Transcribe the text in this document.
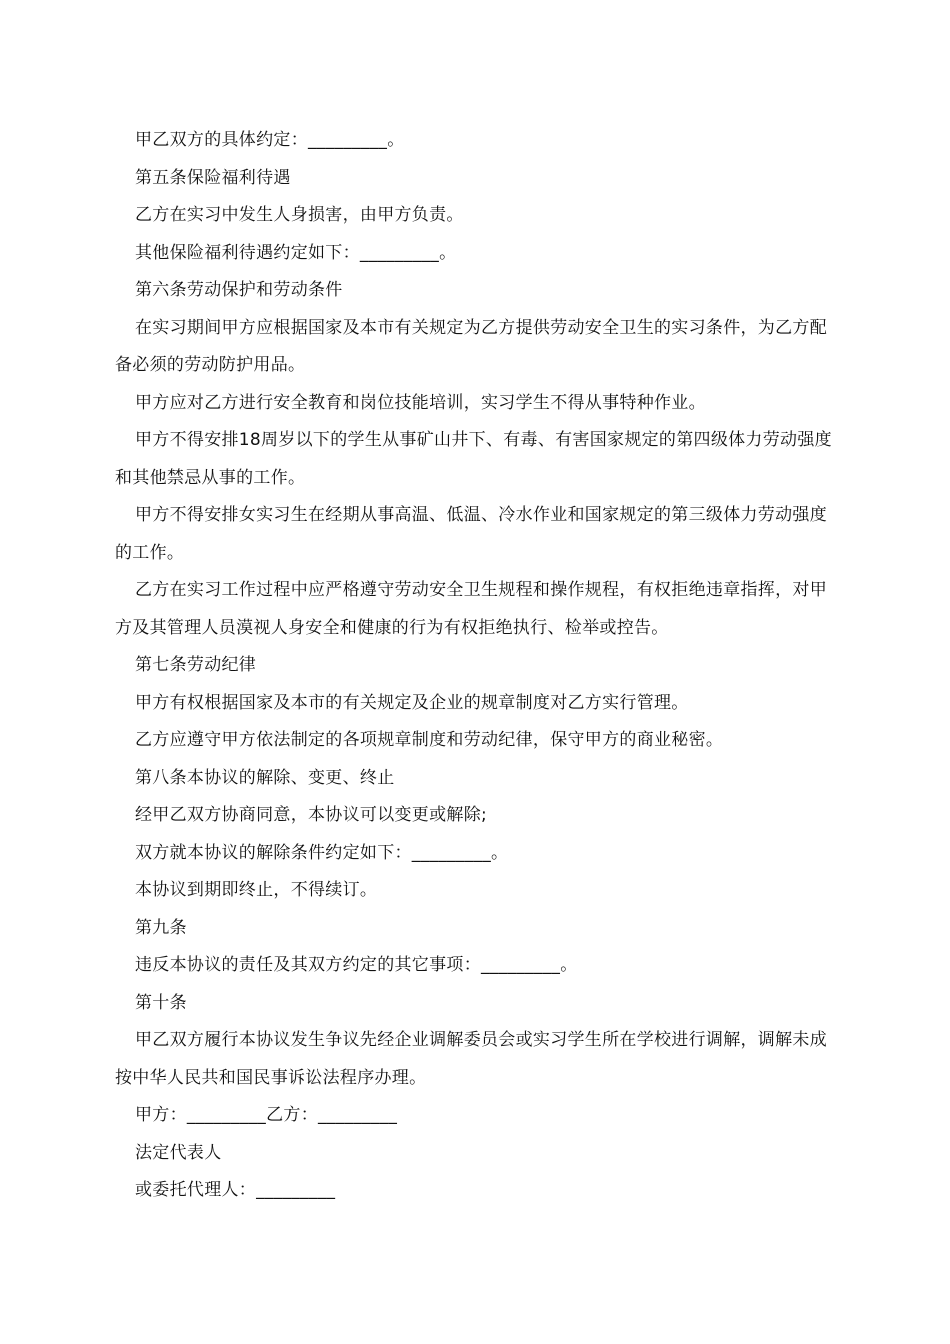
甲乙双方的具体约定：_________。

第五条保险福利待遇

乙方在实习中发生人身损害，由甲方负责。

其他保险福利待遇约定如下：_________。

第六条劳动保护和劳动条件

在实习期间甲方应根据国家及本市有关规定为乙方提供劳动安全卫生的实习条件，为乙方配备必须的劳动防护用品。

甲方应对乙方进行安全教育和岗位技能培训，实习学生不得从事特种作业。

甲方不得安排18周岁以下的学生从事矿山井下、有毒、有害国家规定的第四级体力劳动强度和其他禁忌从事的工作。

甲方不得安排女实习生在经期从事高温、低温、冷水作业和国家规定的第三级体力劳动强度的工作。

乙方在实习工作过程中应严格遵守劳动安全卫生规程和操作规程，有权拒绝违章指挥，对甲方及其管理人员漠视人身安全和健康的行为有权拒绝执行、检举或控告。

第七条劳动纪律

甲方有权根据国家及本市的有关规定及企业的规章制度对乙方实行管理。

乙方应遵守甲方依法制定的各项规章制度和劳动纪律，保守甲方的商业秘密。

第八条本协议的解除、变更、终止

经甲乙双方协商同意，本协议可以变更或解除;

双方就本协议的解除条件约定如下：_________。

本协议到期即终止，不得续订。

第九条

违反本协议的责任及其双方约定的其它事项：_________。

第十条

甲乙双方履行本协议发生争议先经企业调解委员会或实习学生所在学校进行调解，调解未成按中华人民共和国民事诉讼法程序办理。

甲方：_________乙方：_________

法定代表人

或委托代理人：_________
